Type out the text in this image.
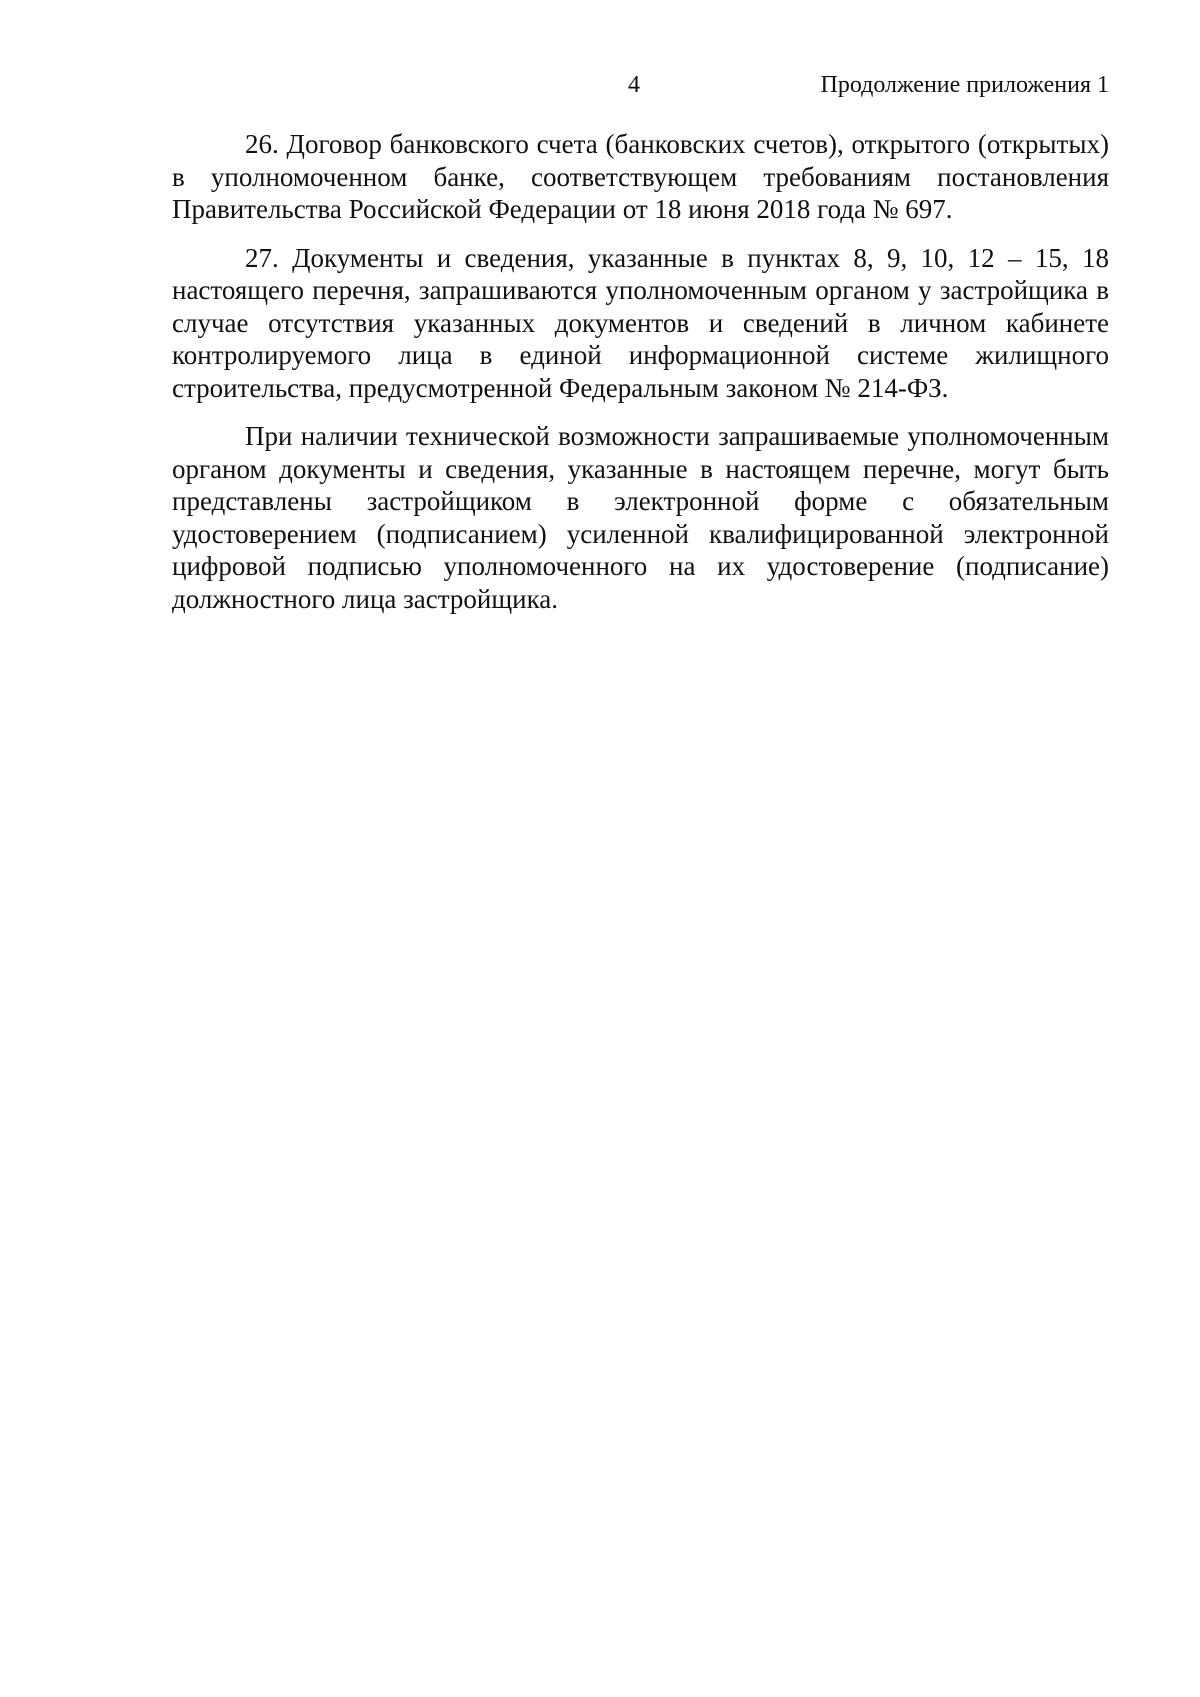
4	Продолжение приложения 1

26. Договор банковского счета (банковских счетов), открытого (открытых) в уполномоченном банке, соответствующем требованиям постановления Правительства Российской Федерации от 18 июня 2018 года № 697.

27. Документы и сведения, указанные в пунктах 8, 9, 10, 12 – 15, 18 настоящего перечня, запрашиваются уполномоченным органом у застройщика в случае отсутствия указанных документов и сведений в личном кабинете контролируемого лица в единой информационной системе жилищного строительства, предусмотренной Федеральным законом № 214-ФЗ.

При наличии технической возможности запрашиваемые уполномоченным органом документы и сведения, указанные в настоящем перечне, могут быть представлены застройщиком в электронной форме с обязательным удостоверением (подписанием) усиленной квалифицированной электронной цифровой подписью уполномоченного на их удостоверение (подписание) должностного лица застройщика.
